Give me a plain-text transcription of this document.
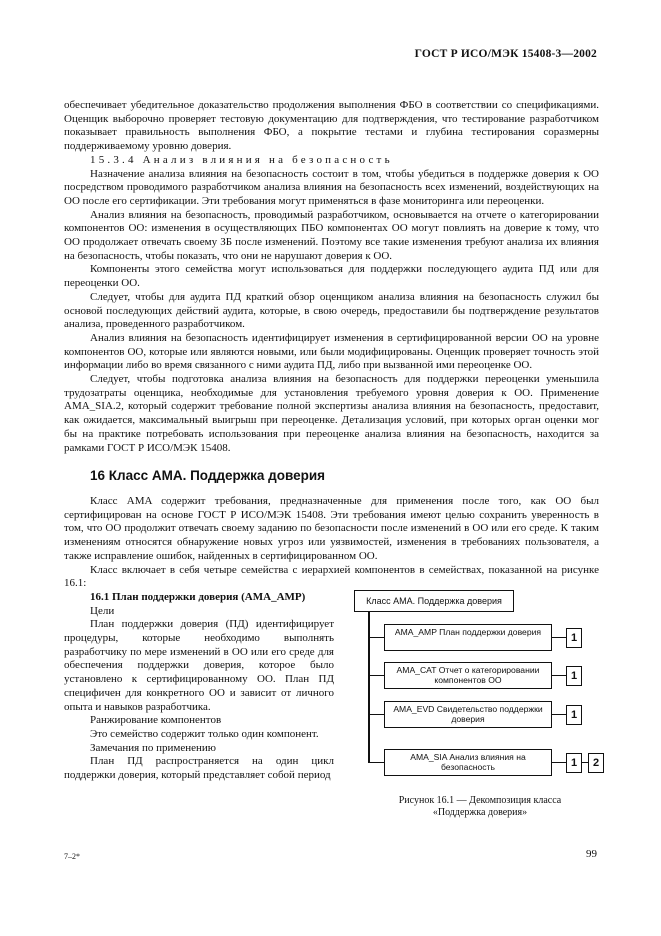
ГОСТ Р ИСО/МЭК 15408-3—2002

обеспечивает убедительное доказательство продолжения выполнения ФБО в соответствии со спецификациями. Оценщик выборочно проверяет тестовую документацию для подтверждения, что тестирование разработчиком показывает правильность выполнения ФБО, а покрытие тестами и глубина тестирования соразмерны поддерживаемому уровню доверия.

15.3.4 Анализ влияния на безопасность

Назначение анализа влияния на безопасность состоит в том, чтобы убедиться в поддержке доверия к ОО посредством проводимого разработчиком анализа влияния на безопасность всех изменений, воздействующих на ОО после его сертификации. Эти требования могут применяться в фазе мониторинга или переоценки.

Анализ влияния на безопасность, проводимый разработчиком, основывается на отчете о категорировании компонентов ОО: изменения в осуществляющих ПБО компонентах ОО могут повлиять на доверие к тому, что ОО продолжает отвечать своему ЗБ после изменений. Поэтому все такие изменения требуют анализа их влияния на безопасность, чтобы показать, что они не нарушают доверия к ОО.

Компоненты этого семейства могут использоваться для поддержки последующего аудита ПД или для переоценки ОО.

Следует, чтобы для аудита ПД краткий обзор оценщиком анализа влияния на безопасность служил бы основой последующих действий аудита, которые, в свою очередь, предоставили бы подтверждение результатов анализа, проведенного разработчиком.

Анализ влияния на безопасность идентифицирует изменения в сертифицированной версии ОО на уровне компонентов ОО, которые или являются новыми, или были модифицированы. Оценщик проверяет точность этой информации либо во время связанного с ними аудита ПД, либо при вызванной ими переоценке ОО.

Следует, чтобы подготовка анализа влияния на безопасность для поддержки переоценки уменьшила трудозатраты оценщика, необходимые для установления требуемого уровня доверия к ОО. Применение AMA_SIA.2, который содержит требование полной экспертизы анализа влияния на безопасность, предоставит, как ожидается, максимальный выигрыш при переоценке. Детализация условий, при которых орган оценки мог бы на практике потребовать использования при переоценке анализа влияния на безопасность, находится за рамками ГОСТ Р ИСО/МЭК 15408.

16 Класс AMA. Поддержка доверия

Класс AMA содержит требования, предназначенные для применения после того, как ОО был сертифицирован на основе ГОСТ Р ИСО/МЭК 15408. Эти требования имеют целью сохранить уверенность в том, что ОО продолжит отвечать своему заданию по безопасности после изменений в ОО или его среде. К таким изменениям относятся обнаружение новых угроз или уязвимостей, изменения в требованиях пользователя, а также исправление ошибок, найденных в сертифицированном ОО.

Класс включает в себя четыре семейства с иерархией компонентов в семействах, показанной на рисунке 16.1:

16.1 План поддержки доверия (AMA_AMP)

Цели

План поддержки доверия (ПД) идентифицирует процедуры, которые необходимо выполнять разработчику по мере изменений в ОО или его среде для обеспечения поддержки доверия, которое было установлено к сертифицированному ОО. План ПД специфичен для конкретного ОО и зависит от личного опыта и навыков разработчика.

Ранжирование компонентов

Это семейство содержит только один компонент.

Замечания по применению

План ПД распространяется на один цикл поддержки доверия, который представляет собой период

Класс AMA. Поддержка доверия
AMA_AMP План поддержки доверия	1
AMA_CAT Отчет о категорировании компонентов ОО	1
AMA_EVD Свидетельство поддержки доверия	1
AMA_SIA Анализ влияния на безопасность	1	2
Рисунок 16.1 — Декомпозиция класса
«Поддержка доверия»
7–2*	99
